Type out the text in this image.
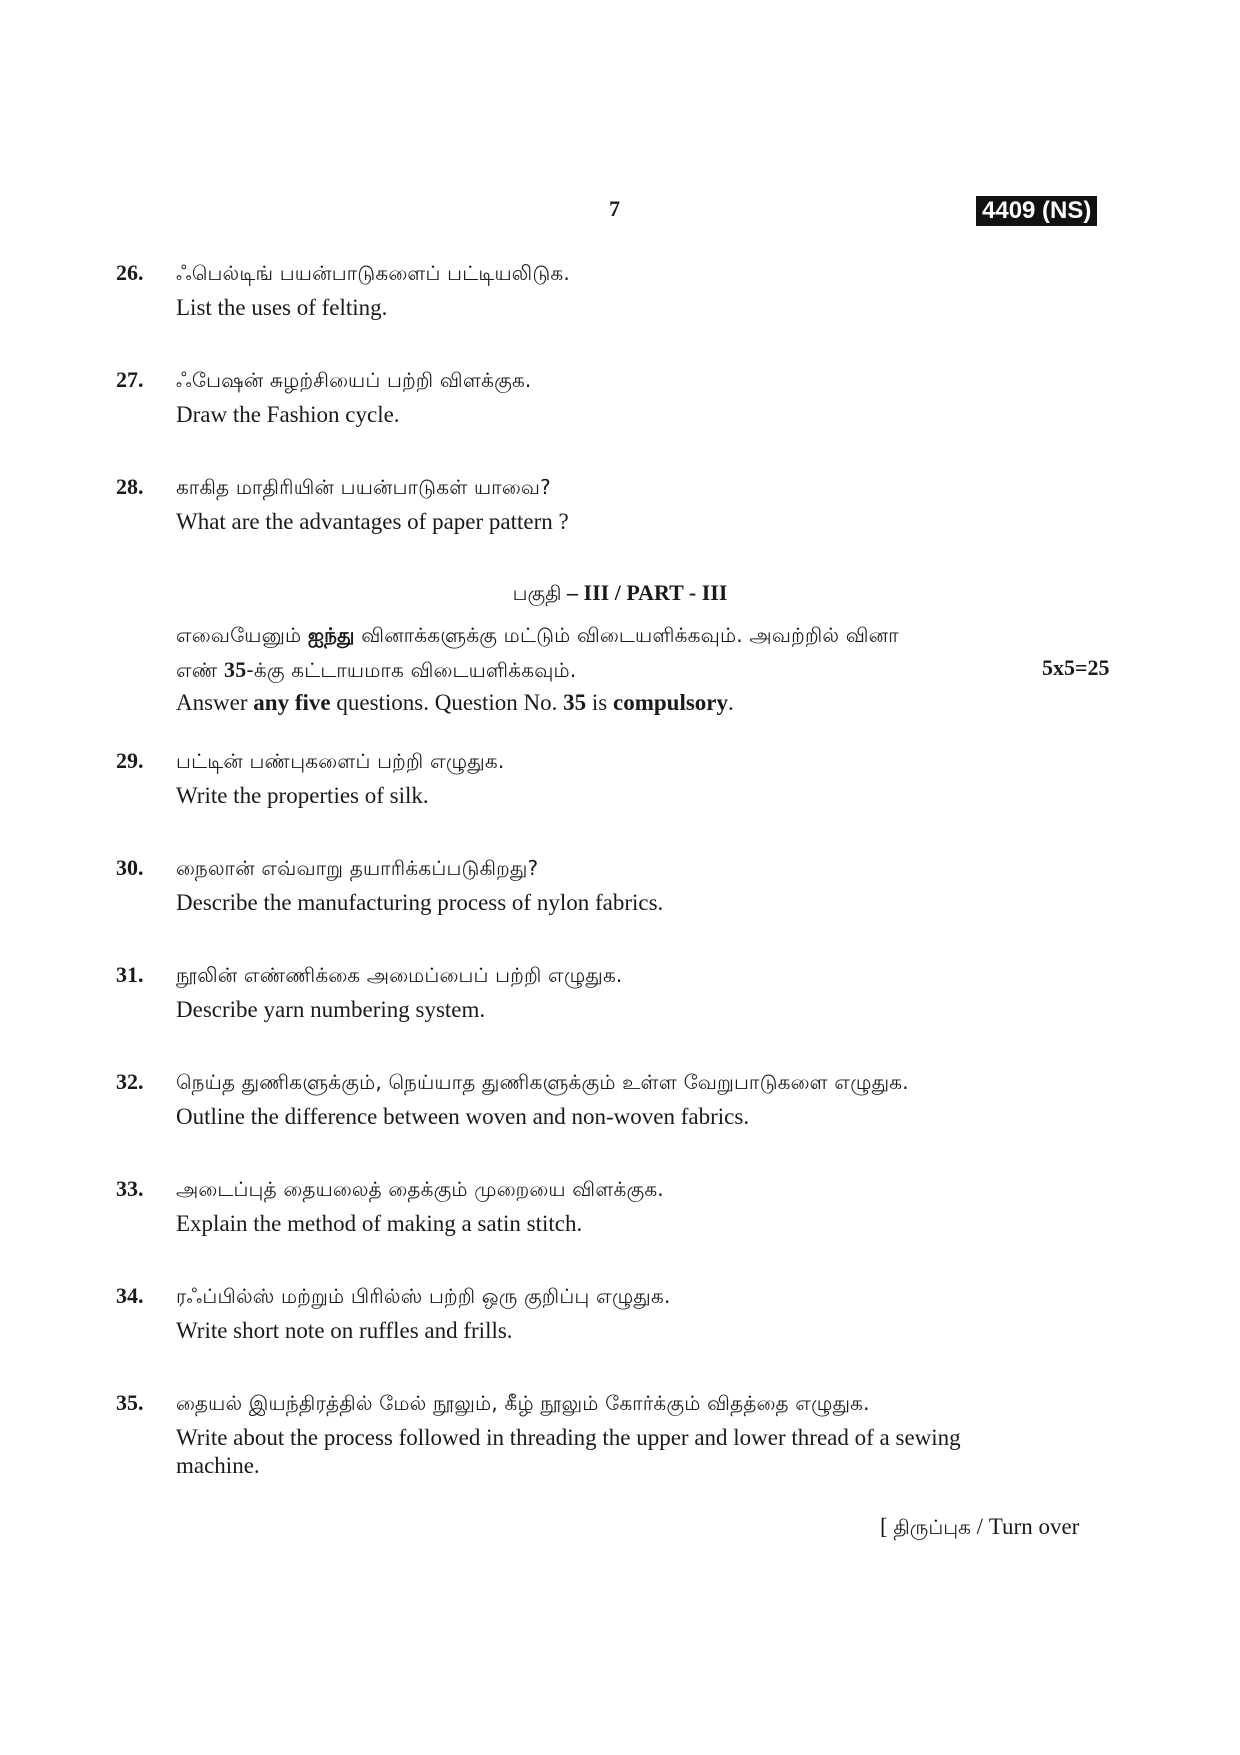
7	4409 (NS)
26. ஃபெல்டிங் பயன்பாடுகளைப் பட்டியலிடுக.
List the uses of felting.
27. ஃபேஷன் சுழற்சியைப் பற்றி விளக்குக.
Draw the Fashion cycle.
28. காகித மாதிரியின் பயன்பாடுகள் யாவை?
What are the advantages of paper pattern ?
பகுதி – III / PART - III
எவையேனும் ஐந்து வினாக்களுக்கு மட்டும் விடையளிக்கவும். அவற்றில் வினா
எண் 35-க்கு கட்டாயமாக விடையளிக்கவும்.	5x5=25
Answer any five questions. Question No. 35 is compulsory.
29. பட்டின் பண்புகளைப் பற்றி எழுதுக.
Write the properties of silk.
30. நைலான் எவ்வாறு தயாரிக்கப்படுகிறது?
Describe the manufacturing process of nylon fabrics.
31. நூலின் எண்ணிக்கை அமைப்பைப் பற்றி எழுதுக.
Describe yarn numbering system.
32. நெய்த துணிகளுக்கும், நெய்யாத துணிகளுக்கும் உள்ள வேறுபாடுகளை எழுதுக.
Outline the difference between woven and non-woven fabrics.
33. அடைப்புத் தையலைத் தைக்கும் முறையை விளக்குக.
Explain the method of making a satin stitch.
34. ரஃப்பில்ஸ் மற்றும் பிரில்ஸ் பற்றி ஒரு குறிப்பு எழுதுக.
Write short note on ruffles and frills.
35. தையல் இயந்திரத்தில் மேல் நூலும், கீழ் நூலும் கோர்க்கும் விதத்தை எழுதுக.
Write about the process followed in threading the upper and lower thread of a sewing
machine.
[ திருப்புக / Turn over
